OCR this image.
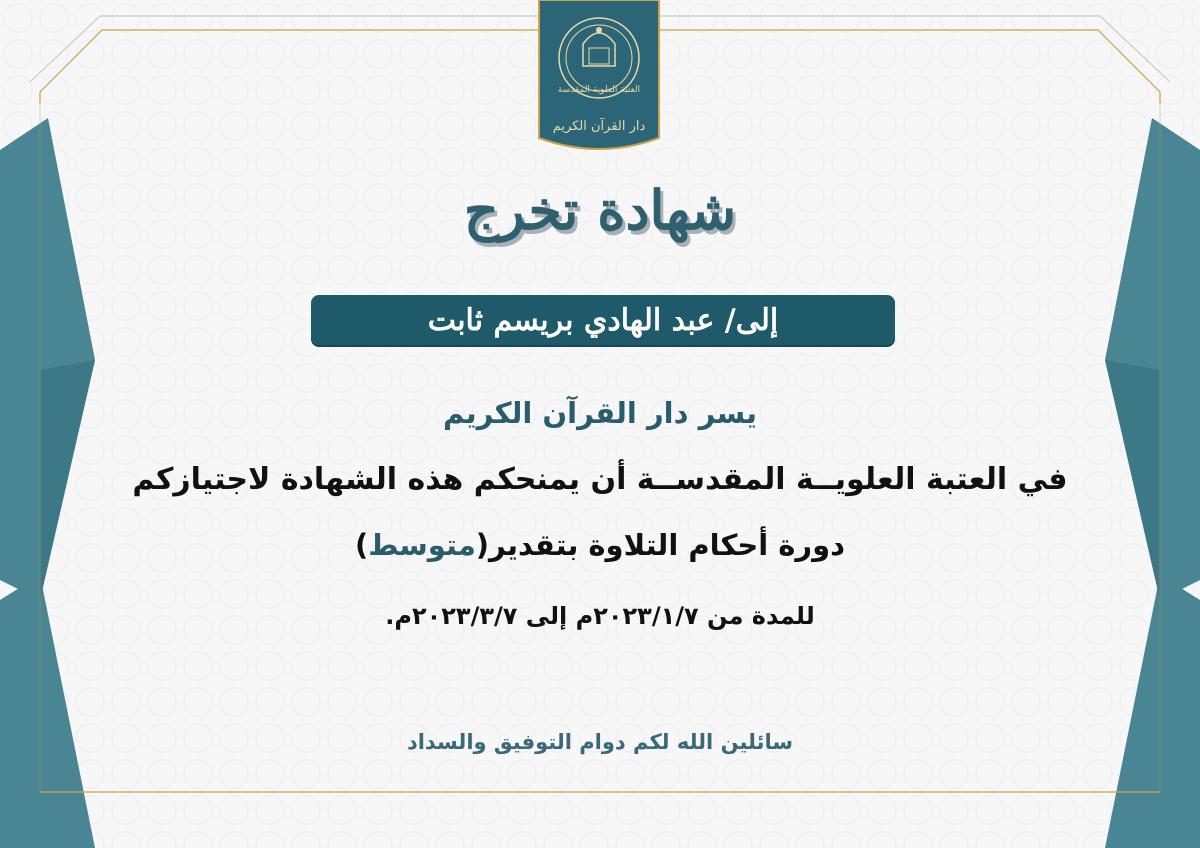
العتبة العلوية المقدسة
دار القرآن الكريم
شهادة تخرج
إلى/ عبد الهادي بريسم ثابت
يسر دار القرآن الكريم
في العتبة العلويــة المقدســة أن يمنحكم هذه الشهادة لاجتيازكم
دورة أحكام التلاوة بتقدير(متوسط)
للمدة من ٢٠٢٣/١/٧م إلى ٢٠٢٣/٣/٧م.
سائلين الله لكم دوام التوفيق والسداد
